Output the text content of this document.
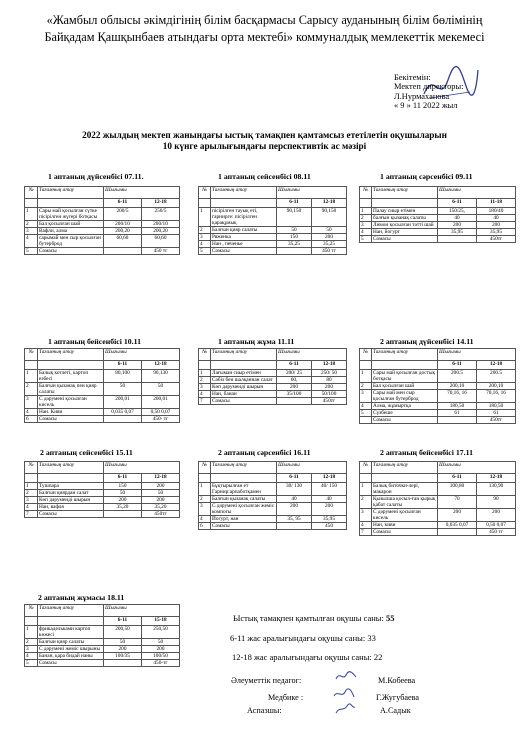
«Жамбыл облысы әкімдігінің білім басқармасы Сарысу ауданының білім бөлімінің
Байқадам Қашқынбаев атындағы орта мектебі» коммуналдық мемлекеттік мекемесі
Бекітемін:
Мектеп директоры:
Л.Нурмаханова
« 9 » 11 2022 жыл
2022 жылдың мектеп жанындағы ыстық тамақпен қамтамсыз ететілетін оқушыларын
10 күнге арылығындағы перспективтік ас мәзірі
1 аптаның дүйсенбісі 07.11.
№	Тағамның атау	Шығымы	
		6-11	12-18
1	Сары май қосылған сүтке пісірілген жүгері ботқасы	200/5	250/5
2	Бал қосылған шай	200/10	200/10
3	Вафли, алма	200,20	200,20
4	сарымай мен сыр қосылған бутерброд	60,60	60,60
5	Сомасы		450 тг
1 аптаның сейсенбісі 08.11
№	Тағамның атау	Шығымы	
		6-11	12-18
1	пісірілген тауық еті, гарнирге: пісірілген қарақұмық	90,150	90,150
2	Балғын қияр салаты	50	50
3	Ряженка	150	200
4	Нан , печенье	35,25	35,25
5	Сомасы		450 тг
1 аптаның сәрсенбісі 09.11
№	Тағамның атау	Шығымы	
		6-11	11-18
1	Палау сиыр етімен	150/25,	180/40
2	балғын қызанақ салаты	40	40
3	Лимон қосылған тәтті шай	200	200
4	Нан, йогурт	35,95	35,95
5	Сомасы		450тг
1 аптаның бейсенбісі 10.11
№	Тағамның атау	Шығымы	
		6-11	12-18
1	Балық котлеті, картоп езбесі	80,100	90,130
2	Балғын қызанақ пен қияр салаты	50	50
3	С дәрумені қосылған кисель	200,01	200,01
4	Нан. Киви	0,035 0,07	0,50 0,07
6	Сомасы		450- тг
1 аптаның жұма 11.11
№	Тағамның атау	Шығымы	
		6-11	12-18
1	Лағыман сиыр етімен	200/ 25	250/ 50
2	Сәбіз бен шалқаннан салат	60,	80
3	Көп дәрумендi шырын	200	200
4	Нан, банан	35/100	50/100
7	Сомасы		450тг
2 аптаның дүйсенбісі 14.11
№	Тағамның атау	Шығымы	
		6-11	12-18
1	Сары май қосылған достық ботқасы	200.5	200.5
2	Бал қосылған шай	200,10	200,10
3	Сары май мен сыр қосылған бутерброд	70,16, 16	70,16, 16
4	Алма, жұмыртқа	180,50	180,50
5	Сүзбеше	61	61
	Сомасы		450тг
2 аптаның сейсенбісі 15.11
№	Тағамның атау	Шығымы	
		6-11	12-18
1	Тушпара	150	200
2	Балғын қиярдан салат	50	50
3	Көп дәрумендi шырын	200	200
4	Нан, вафля	35,20	35,20
7	Сомасы		450тг
2 аптаның сәрсенбісі 16.11
№	Тағамның атау	Шығымы	
		6-11	12-18
1	Бұқтырылған ет Гарнир:арпаботқамен	30/ 130	40/ 150
2	Балғын қызанақ салаты	40	40
3	С дәрумені қосылған жеміс компоты	200	200
4	Йогурт, нан	35, 95	35,95
6	Сомасы		450
2 аптаның бейсенбісі 17.11
№	Тағамның атау	Шығымы	
		6-11	12-18
1	Балық биточки-лері, макарон	100,80	130,90
2	Қызылша қосыл-ған қырық қабат салаты	70	90
3	С дәрумені қосылған кисель	200	200
4	Нан, киви	0,035 0,07	0,50 0,07
7	Сомасы		450 тг
2 аптаның жұмасы 18.11
№	Тағамның атау	Шығымы	
		6-11	15-18
1	фрикадельками картоп көжесі	200,50	250,50
2	Балғын қияр салаты	50	50
3	С дәрумені жеміс шырыны	200	200
4	Банан, қара бидай наны	100/35	100/50
5	Сомасы		450-тг
Ыстық тамақпен қамтылған оқушы саны: 55
6-11 жас аралығындағы оқушы саны: 33
12-18 жас аралығындағы оқушы саны: 22
Әлеуметтік педагог:	М.Кобеева
Медбике :	Г.Жугубаева
Аспазшы:	А.Садык
